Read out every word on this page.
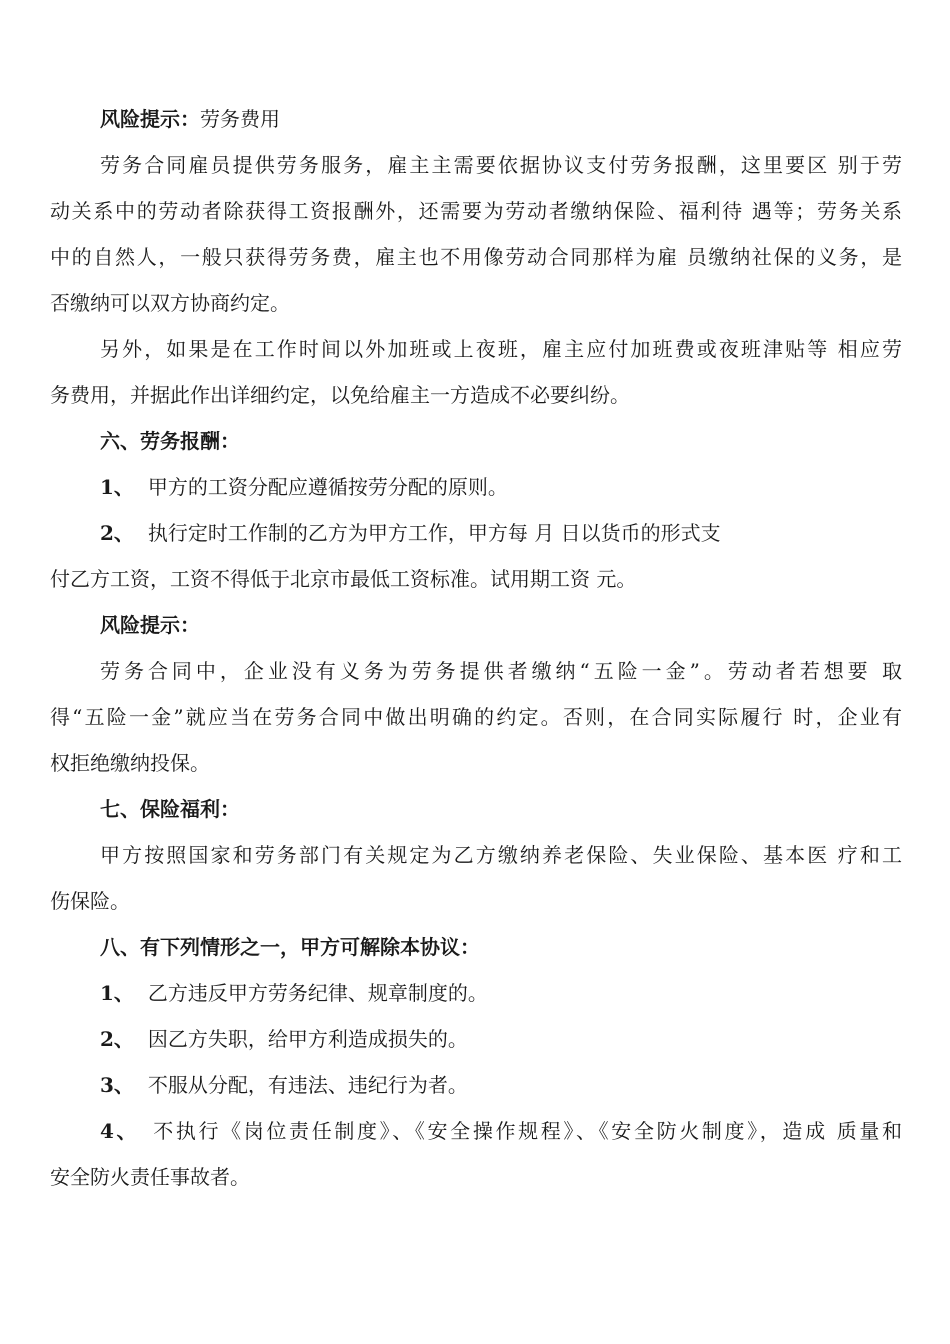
风险提示：劳务费用

劳务合同雇员提供劳务服务，雇主主需要依据协议支付劳务报酬，这里要区 别于劳

动关系中的劳动者除获得工资报酬外，还需要为劳动者缴纳保险、福利待 遇等；劳务关系

中的自然人，一般只获得劳务费，雇主也不用像劳动合同那样为雇 员缴纳社保的义务，是

否缴纳可以双方协商约定。

另外，如果是在工作时间以外加班或上夜班，雇主应付加班费或夜班津贴等 相应劳

务费用，并据此作出详细约定，以免给雇主一方造成不必要纠纷。

六、劳务报酬：

1、 甲方的工资分配应遵循按劳分配的原则。

2、 执行定时工作制的乙方为甲方工作，甲方每 月 日以货币的形式支

付乙方工资，工资不得低于北京市最低工资标准。试用期工资 元。

风险提示：

劳务合同中，企业没有义务为劳务提供者缴纳“五险一金”。劳动者若想要 取

得“五险一金”就应当在劳务合同中做出明确的约定。否则，在合同实际履行 时，企业有

权拒绝缴纳投保。

七、保险福利：

甲方按照国家和劳务部门有关规定为乙方缴纳养老保险、失业保险、基本医 疗和工

伤保险。

八、有下列情形之一，甲方可解除本协议：

1、 乙方违反甲方劳务纪律、规章制度的。

2、 因乙方失职，给甲方利造成损失的。

3、 不服从分配，有违法、违纪行为者。

4、 不执行《岗位责任制度》、《安全操作规程》、《安全防火制度》，造成 质量和

安全防火责任事故者。
